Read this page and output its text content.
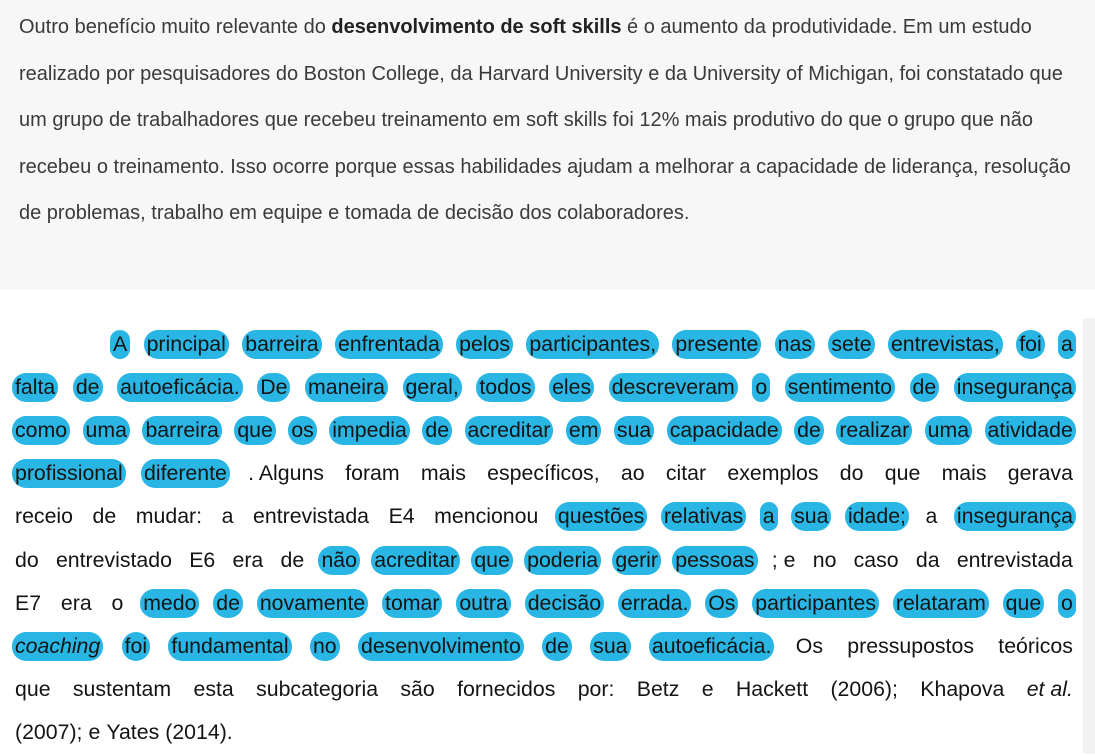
Outro benefício muito relevante do desenvolvimento de soft skills é o aumento da produtividade. Em um estudo realizado por pesquisadores do Boston College, da Harvard University e da University of Michigan, foi constatado que um grupo de trabalhadores que recebeu treinamento em soft skills foi 12% mais produtivo do que o grupo que não recebeu o treinamento. Isso ocorre porque essas habilidades ajudam a melhorar a capacidade de liderança, resolução de problemas, trabalho em equipe e tomada de decisão dos colaboradores.

A principal barreira enfrentada pelos participantes, presente nas sete entrevistas, foi a
falta de autoeficácia. De maneira geral, todos eles descreveram o sentimento de insegurança
como uma barreira que os impedia de acreditar em sua capacidade de realizar uma atividade
profissional diferente . Alguns foram mais específicos, ao citar exemplos do que mais gerava
receio de mudar: a entrevistada E4 mencionou questões relativas a sua idade; a insegurança
do entrevistado E6 era de não acreditar que poderia gerir pessoas ; e no caso da entrevistada
E7 era o medo de novamente tomar outra decisão errada. Os participantes relataram que o
coaching foi fundamental no desenvolvimento de sua autoeficácia. Os pressupostos teóricos
que sustentam esta subcategoria são fornecidos por: Betz e Hackett (2006); Khapova et al.
(2007); e Yates (2014).
